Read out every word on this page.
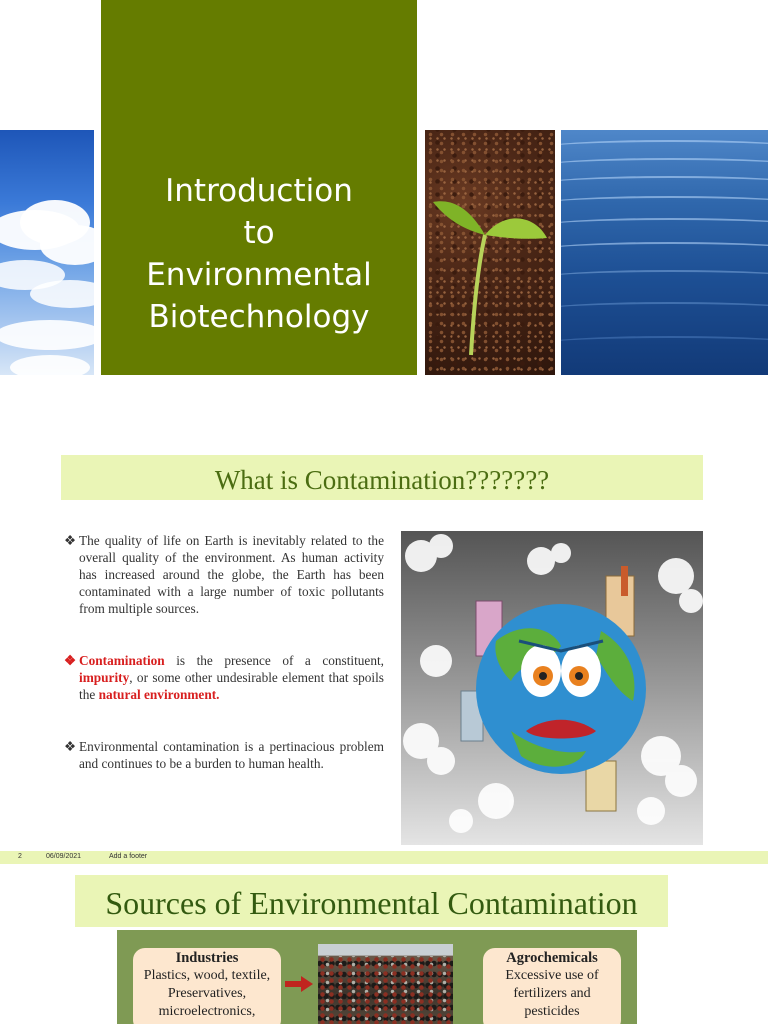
Introduction
to
Environmental
Biotechnology
What is Contamination???????

❖ The quality of life on Earth is inevitably related to the overall quality of the environment. As human activity has increased around the globe, the Earth has been contaminated with a large number of toxic pollutants from multiple sources.

❖ Contamination is the presence of a constituent, impurity, or some other undesirable element that spoils the natural environment.

❖ Environmental contamination is a pertinacious problem and continues to be a burden to human health.

2	06/09/2021	Add a footer
Sources of Environmental Contamination
Industries
Plastics, wood, textile,
Preservatives,
microelectronics,
Agrochemicals
Excessive use of
fertilizers and
pesticides
